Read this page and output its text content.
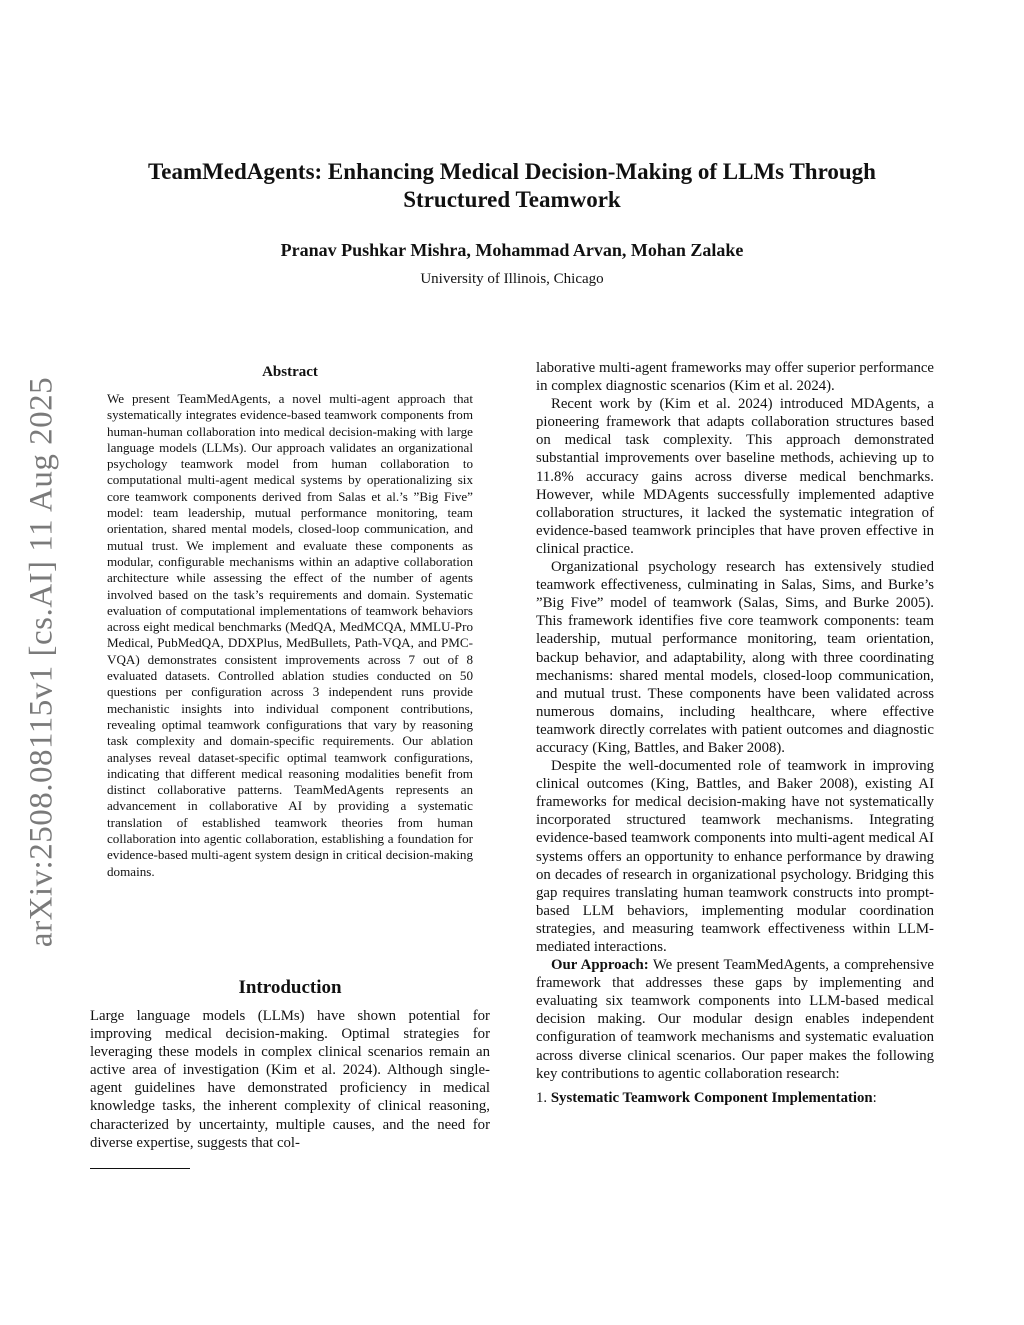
arXiv:2508.08115v1 [cs.AI] 11 Aug 2025
TeamMedAgents: Enhancing Medical Decision-Making of LLMs Through
Structured Teamwork
Pranav Pushkar Mishra, Mohammad Arvan, Mohan Zalake
University of Illinois, Chicago
Abstract

We present TeamMedAgents, a novel multi-agent approach that systematically integrates evidence-based teamwork components from human-human collaboration into medical decision-making with large language models (LLMs). Our approach validates an organizational psychology teamwork model from human collaboration to computational multi-agent medical systems by operationalizing six core teamwork components derived from Salas et al.’s ”Big Five” model: team leadership, mutual performance monitoring, team orientation, shared mental models, closed-loop communication, and mutual trust. We implement and evaluate these components as modular, configurable mechanisms within an adaptive collaboration architecture while assessing the effect of the number of agents involved based on the task’s requirements and domain. Systematic evaluation of computational implementations of teamwork behaviors across eight medical benchmarks (MedQA, MedMCQA, MMLU-Pro Medical, PubMedQA, DDXPlus, MedBullets, Path-VQA, and PMC-VQA) demonstrates consistent improvements across 7 out of 8 evaluated datasets. Controlled ablation studies conducted on 50 questions per configuration across 3 independent runs provide mechanistic insights into individual component contributions, revealing optimal teamwork configurations that vary by reasoning task complexity and domain-specific requirements. Our ablation analyses reveal dataset-specific optimal teamwork configurations, indicating that different medical reasoning modalities benefit from distinct collaborative patterns. TeamMedAgents represents an advancement in collaborative AI by providing a systematic translation of established teamwork theories from human collaboration into agentic collaboration, establishing a foundation for evidence-based multi-agent system design in critical decision-making domains.

Introduction

Large language models (LLMs) have shown potential for improving medical decision-making. Optimal strategies for leveraging these models in complex clinical scenarios remain an active area of investigation (Kim et al. 2024). Although single-agent guidelines have demonstrated proficiency in medical knowledge tasks, the inherent complexity of clinical reasoning, characterized by uncertainty, multiple causes, and the need for diverse expertise, suggests that col-

laborative multi-agent frameworks may offer superior performance in complex diagnostic scenarios (Kim et al. 2024).

Recent work by (Kim et al. 2024) introduced MDAgents, a pioneering framework that adapts collaboration structures based on medical task complexity. This approach demonstrated substantial improvements over baseline methods, achieving up to 11.8% accuracy gains across diverse medical benchmarks. However, while MDAgents successfully implemented adaptive collaboration structures, it lacked the systematic integration of evidence-based teamwork principles that have proven effective in clinical practice.

Organizational psychology research has extensively studied teamwork effectiveness, culminating in Salas, Sims, and Burke’s ”Big Five” model of teamwork (Salas, Sims, and Burke 2005). This framework identifies five core teamwork components: team leadership, mutual performance monitoring, team orientation, backup behavior, and adaptability, along with three coordinating mechanisms: shared mental models, closed-loop communication, and mutual trust. These components have been validated across numerous domains, including healthcare, where effective teamwork directly correlates with patient outcomes and diagnostic accuracy (King, Battles, and Baker 2008).

Despite the well-documented role of teamwork in improving clinical outcomes (King, Battles, and Baker 2008), existing AI frameworks for medical decision-making have not systematically incorporated structured teamwork mechanisms. Integrating evidence-based teamwork components into multi-agent medical AI systems offers an opportunity to enhance performance by drawing on decades of research in organizational psychology. Bridging this gap requires translating human teamwork constructs into prompt-based LLM behaviors, implementing modular coordination strategies, and measuring teamwork effectiveness within LLM-mediated interactions.

Our Approach: We present TeamMedAgents, a comprehensive framework that addresses these gaps by implementing and evaluating six teamwork components into LLM-based medical decision making. Our modular design enables independent configuration of teamwork mechanisms and systematic evaluation across diverse clinical scenarios. Our paper makes the following key contributions to agentic collaboration research:

1. Systematic Teamwork Component Implementation:
